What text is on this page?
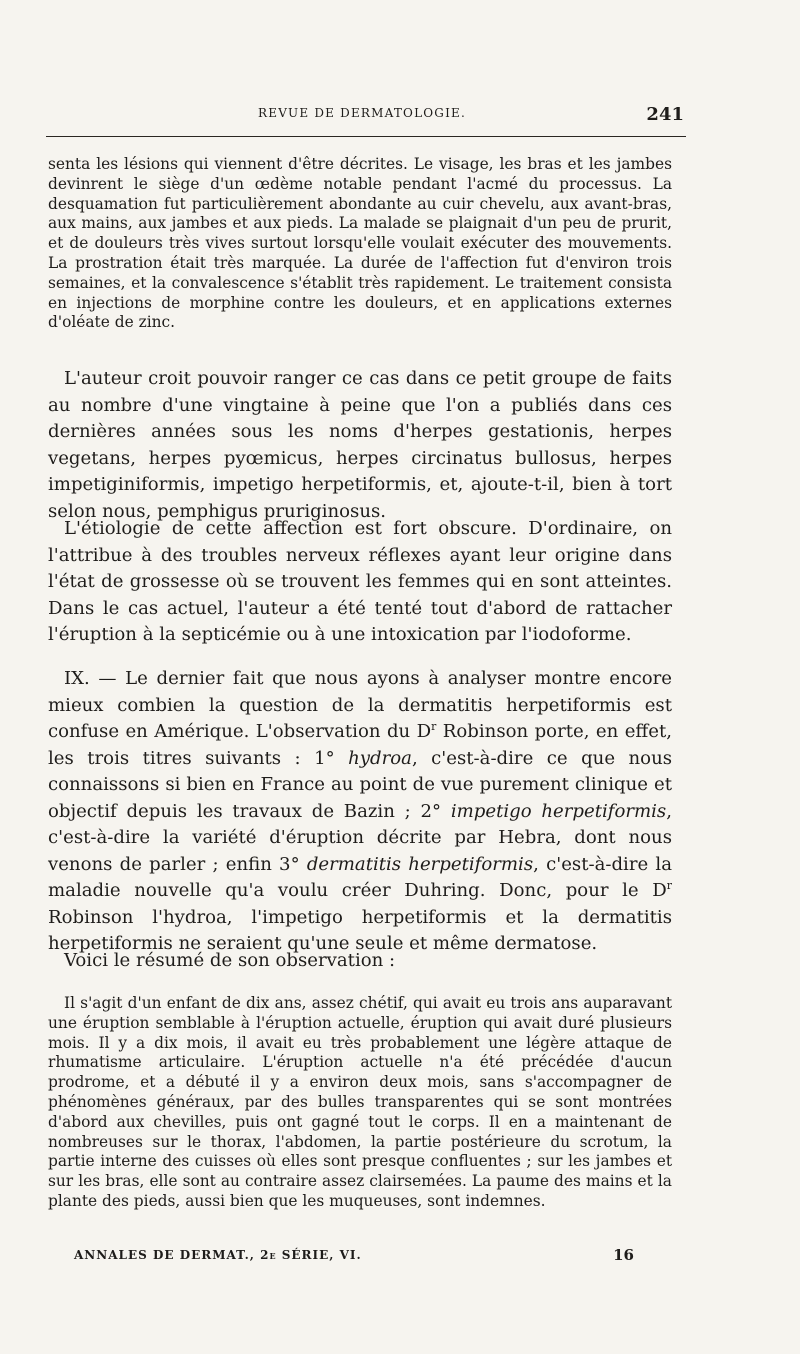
REVUE DE DERMATOLOGIE.	241

senta les lésions qui viennent d'être décrites. Le visage, les bras et les jambes devinrent le siège d'un œdème notable pendant l'acmé du processus. La desquamation fut particulièrement abondante au cuir chevelu, aux avant-bras, aux mains, aux jambes et aux pieds. La malade se plaignait d'un peu de prurit, et de douleurs très vives surtout lorsqu'elle voulait exécuter des mouvements. La prostration était très marquée. La durée de l'affection fut d'environ trois semaines, et la convalescence s'établit très rapidement. Le traitement consista en injections de morphine contre les douleurs, et en applications externes d'oléate de zinc.

L'auteur croit pouvoir ranger ce cas dans ce petit groupe de faits au nombre d'une vingtaine à peine que l'on a publiés dans ces dernières années sous les noms d'herpes gestationis, herpes vegetans, herpes pyœmicus, herpes circinatus bullosus, herpes impetiginiformis, impetigo herpetiformis, et, ajoute-t-il, bien à tort selon nous, pemphigus pruriginosus.

L'étiologie de cette affection est fort obscure. D'ordinaire, on l'attribue à des troubles nerveux réflexes ayant leur origine dans l'état de grossesse où se trouvent les femmes qui en sont atteintes. Dans le cas actuel, l'auteur a été tenté tout d'abord de rattacher l'éruption à la septicémie ou à une intoxication par l'iodoforme.

IX. — Le dernier fait que nous ayons à analyser montre encore mieux combien la question de la dermatitis herpetiformis est confuse en Amérique. L'observation du $D^r$ Robinson porte, en effet, les trois titres suivants : 1° hydroa, c'est-à-dire ce que nous connaissons si bien en France au point de vue purement clinique et objectif depuis les travaux de Bazin ; 2° impetigo herpetiformis, c'est-à-dire la variété d'éruption décrite par Hebra, dont nous venons de parler ; enfin 3° dermatitis herpetiformis, c'est-à-dire la maladie nouvelle qu'a voulu créer Duhring. Donc, pour le $D^r$ Robinson l'hydroa, l'impetigo herpetiformis et la dermatitis herpetiformis ne seraient qu'une seule et même dermatose.

Voici le résumé de son observation :

Il s'agit d'un enfant de dix ans, assez chétif, qui avait eu trois ans auparavant une éruption semblable à l'éruption actuelle, éruption qui avait duré plusieurs mois. Il y a dix mois, il avait eu très probablement une légère attaque de rhumatisme articulaire. L'éruption actuelle n'a été précédée d'aucun prodrome, et a débuté il y a environ deux mois, sans s'accompagner de phénomènes généraux, par des bulles transparentes qui se sont montrées d'abord aux chevilles, puis ont gagné tout le corps. Il en a maintenant de nombreuses sur le thorax, l'abdomen, la partie postérieure du scrotum, la partie interne des cuisses où elles sont presque confluentes ; sur les jambes et sur les bras, elle sont au contraire assez clairsemées. La paume des mains et la plante des pieds, aussi bien que les muqueuses, sont indemnes.

ANNALES DE DERMAT., 2e SÉRIE, VI.	16
